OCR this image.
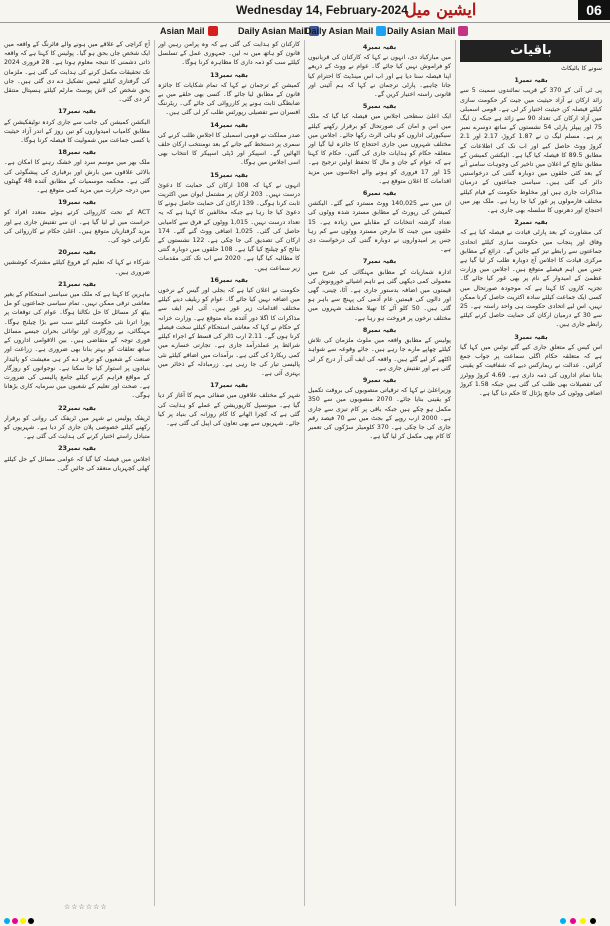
Wednesday 14, February-2024
ایشین میل	06
Asian Mail	Daily Asian Mail
Daily Asian Mail Daily Asian Mail
باقیات

آج کراچی کے علاقے میں ہونے والے فائرنگ کے واقعہ میں ایک شخص جاں بحق ہو گیا۔ پولیس کا کہنا ہے کہ واقعہ ذاتی دشمنی کا نتیجہ معلوم ہوتا ہے۔ 28 فروری 2024 تک تحقیقات مکمل کرنے کی ہدایت کی گئی ہے۔ ملزمان کی گرفتاری کیلئے ٹیمیں تشکیل دے دی گئی ہیں۔ جاں بحق شخص کی لاش پوسٹ مارٹم کیلئے ہسپتال منتقل کر دی گئی۔

بقیہ نمبر17

الیکشن کمیشن کی جانب سے جاری کردہ نوٹیفکیشن کے مطابق کامیاب امیدواروں کو تین روز کے اندر آزاد حیثیت یا کسی جماعت میں شمولیت کا فیصلہ کرنا ہوگا۔

بقیہ نمبر18

ملک بھر میں موسم سرد اور خشک رہنے کا امکان ہے۔ بالائی علاقوں میں بارش اور برفباری کی پیشگوئی کی گئی ہے۔ محکمہ موسمیات کے مطابق آئندہ 48 گھنٹوں میں درجہ حرارت میں مزید کمی متوقع ہے۔

بقیہ نمبر19

ACT کے تحت کارروائی کرتے ہوئے متعدد افراد کو حراست میں لے لیا گیا ہے۔ ان سے تفتیش جاری ہے اور مزید گرفتاریاں متوقع ہیں۔ اعلیٰ حکام نے کارروائی کی نگرانی خود کی۔

بقیہ نمبر20

شرکاء نے کہا کہ تعلیم کے فروغ کیلئے مشترکہ کوششیں ضروری ہیں۔

بقیہ نمبر21

ماہرین کا کہنا ہے کہ ملک میں سیاسی استحکام کے بغیر معاشی ترقی ممکن نہیں۔ تمام سیاسی جماعتوں کو مل بیٹھ کر مسائل کا حل نکالنا ہوگا۔ عوام کی توقعات پر پورا اترنا نئی حکومت کیلئے سب سے بڑا چیلنج ہوگا۔ مہنگائی، بے روزگاری اور توانائی بحران جیسے مسائل فوری توجہ کے متقاضی ہیں۔ بین الاقوامی اداروں کے ساتھ تعلقات کو بہتر بنانا بھی ضروری ہے۔ زراعت اور صنعت کے شعبوں کو ترقی دے کر ہی معیشت کو پائیدار بنیادوں پر استوار کیا جا سکتا ہے۔ نوجوانوں کو روزگار کے مواقع فراہم کرنے کیلئے جامع پالیسی کی ضرورت ہے۔ صحت اور تعلیم کے شعبوں میں سرمایہ کاری بڑھانا ہوگی۔

بقیہ نمبر22

ٹریفک پولیس نے شہر میں ٹریفک کی روانی کو برقرار رکھنے کیلئے خصوصی پلان جاری کر دیا ہے۔ شہریوں کو متبادل راستے اختیار کرنے کی ہدایت کی گئی ہے۔

بقیہ نمبر23

اجلاس میں فیصلہ کیا گیا کہ عوامی مسائل کے حل کیلئے کھلی کچہریاں منعقد کی جائیں گی۔

کارکنان کو ہدایت کی گئی ہے کہ وہ پرامن رہیں اور قانون کو ہاتھ میں نہ لیں۔ جمہوری عمل کے تسلسل کیلئے سب کو ذمہ داری کا مظاہرہ کرنا ہوگا۔

بقیہ نمبر13

کمیشن کے ترجمان نے کہا کہ تمام شکایات کا جائزہ قانون کے مطابق لیا جائے گا۔ کسی بھی حلقے میں بے ضابطگی ثابت ہونے پر کارروائی کی جائے گی۔ ریٹرننگ افسران سے تفصیلی رپورٹس طلب کر لی گئی ہیں۔

بقیہ نمبر14

صدر مملکت نے قومی اسمبلی کا اجلاس طلب کرنے کی سمری پر دستخط کیے جانے کے بعد نومنتخب ارکان حلف اٹھائیں گے۔ اسپیکر اور ڈپٹی اسپیکر کا انتخاب بھی اسی اجلاس میں ہوگا۔

بقیہ نمبر15

انہوں نے کہا کہ 108 ارکان کی حمایت کا دعویٰ درست نہیں۔ 203 ارکان پر مشتمل ایوان میں اکثریت ثابت کرنا ہوگی۔ 139 ارکان کی حمایت حاصل ہونے کا دعویٰ کیا جا رہا ہے جبکہ مخالفین کا کہنا ہے کہ یہ تعداد درست نہیں۔ 1,015 ووٹوں کے فرق سے کامیابی حاصل کی گئی۔ 1,025 اضافی ووٹ گنے گئے۔ 174 ارکان کی تصدیق کی جا چکی ہے۔ 122 نشستوں کے نتائج کو چیلنج کیا گیا ہے۔ 108 حلقوں میں دوبارہ گنتی کا مطالبہ کیا گیا ہے۔ 2020 سے اب تک کئی مقدمات زیر سماعت ہیں۔

بقیہ نمبر16

حکومت نے اعلان کیا ہے کہ بجلی اور گیس کے نرخوں میں اضافہ نہیں کیا جائے گا۔ عوام کو ریلیف دینے کیلئے مختلف اقدامات زیر غور ہیں۔ آئی ایم ایف سے مذاکرات کا اگلا دور آئندہ ماہ متوقع ہے۔ وزارت خزانہ کے حکام نے کہا کہ معاشی استحکام کیلئے سخت فیصلے کرنا ہوں گے۔ 2.11 ارب ڈالر کی قسط کے اجراء کیلئے شرائط پر عملدرآمد جاری ہے۔ تجارتی خسارے میں کمی ریکارڈ کی گئی ہے۔ برآمدات میں اضافے کیلئے نئی پالیسی تیار کی جا رہی ہے۔ زرمبادلہ کے ذخائر میں بہتری آئی ہے۔

بقیہ نمبر17

شہر کے مختلف علاقوں میں صفائی مہم کا آغاز کر دیا گیا ہے۔ میونسپل کارپوریشن کے عملے کو ہدایت کی گئی ہے کہ کچرا اٹھانے کا کام روزانہ کی بنیاد پر کیا جائے۔ شہریوں سے بھی تعاون کی اپیل کی گئی ہے۔

بقیہ نمبر4

میں مبارکباد دی، انہوں نے کہا کہ کارکنان کی قربانیوں کو فراموش نہیں کیا جائے گا۔ عوام نے ووٹ کے ذریعے اپنا فیصلہ سنا دیا ہے اور اب اس مینڈیٹ کا احترام کیا جانا چاہیے۔ پارٹی ترجمان نے کہا کہ ہم آئینی اور قانونی راستہ اختیار کریں گے۔

بقیہ نمبر5

ایک اعلیٰ سطحی اجلاس میں فیصلہ کیا گیا کہ ملک میں امن و امان کی صورتحال کو برقرار رکھنے کیلئے سیکیورٹی اداروں کو ہائی الرٹ رکھا جائے۔ اجلاس میں مختلف شہروں میں جاری احتجاج کا جائزہ لیا گیا اور متعلقہ حکام کو ہدایات جاری کی گئیں۔ حکام کا کہنا ہے کہ عوام کے جان و مال کا تحفظ اولین ترجیح ہے۔ 15 اور 17 فروری کو ہونے والے اجلاسوں میں مزید اقدامات کا اعلان متوقع ہے۔

بقیہ نمبر6

ان میں سے 140,025 ووٹ مسترد کیے گئے۔ الیکشن کمیشن کی رپورٹ کے مطابق مسترد شدہ ووٹوں کی تعداد گزشتہ انتخابات کے مقابلے میں زیادہ ہے۔ 15 حلقوں میں جیت کا مارجن مسترد ووٹوں سے کم رہا جس پر امیدواروں نے دوبارہ گنتی کی درخواست دی ہے۔

بقیہ نمبر7

ادارہ شماریات کے مطابق مہنگائی کی شرح میں معمولی کمی دیکھی گئی ہے تاہم اشیائے خورونوش کی قیمتوں میں اضافہ بدستور جاری ہے۔ آٹا، چینی، گھی اور دالوں کی قیمتیں عام آدمی کی پہنچ سے باہر ہو گئی ہیں۔ 50 کلو آٹے کا تھیلا مختلف شہروں میں مختلف نرخوں پر فروخت ہو رہا ہے۔

بقیہ نمبر8

پولیس کے مطابق واقعہ میں ملوث ملزمان کی تلاش کیلئے چھاپے مارے جا رہے ہیں۔ جائے وقوعہ سے شواہد اکٹھے کر لیے گئے ہیں۔ واقعہ کی ایف آئی آر درج کر لی گئی ہے اور تفتیش جاری ہے۔

بقیہ نمبر9

وزیراعلیٰ نے کہا کہ ترقیاتی منصوبوں کی بروقت تکمیل کو یقینی بنایا جائے۔ 2070 منصوبوں میں سے 350 مکمل ہو چکے ہیں جبکہ باقی پر کام تیزی سے جاری ہے۔ 2000 ارب روپے کے بجٹ میں سے 70 فیصد رقم جاری کی جا چکی ہے۔ 370 کلومیٹر سڑکوں کی تعمیر کا کام بھی مکمل کر لیا گیا ہے۔

سونے کا بائیکاٹ

بقیہ نمبر1

پی ٹی آئی کے 370 کے قریب نمائندوں سمیت 5 سے زائد ارکان نے آزاد حیثیت میں جیت کر حکومت سازی کیلئے فیصلہ کن حیثیت اختیار کر لی ہے۔ قومی اسمبلی میں آزاد ارکان کی تعداد 90 سے زائد ہے جبکہ ن لیگ 75 اور پیپلز پارٹی 54 نشستوں کے ساتھ دوسرے نمبر پر ہے۔ مسلم لیگ ن نے 1.87 کروڑ، 2.17 اور 2.1 کروڑ ووٹ حاصل کیے اور اب تک کی اطلاعات کے مطابق 89.5 کا فیصلہ کیا گیا ہے۔ الیکشن کمیشن کے مطابق نتائج کے اعلان میں تاخیر کی وجوہات سامنے آنے کے بعد کئی حلقوں میں دوبارہ گنتی کی درخواستیں دائر کی گئی ہیں۔ سیاسی جماعتوں کے درمیان مذاکرات جاری ہیں اور مخلوط حکومت کے قیام کیلئے مختلف فارمولوں پر غور کیا جا رہا ہے۔ ملک بھر میں احتجاج اور دھرنوں کا سلسلہ بھی جاری ہے۔

بقیہ نمبر2

کی مشاورت کے بعد پارٹی قیادت نے فیصلہ کیا ہے کہ وفاق اور پنجاب میں حکومت سازی کیلئے اتحادی جماعتوں سے رابطے تیز کیے جائیں گے۔ ذرائع کے مطابق مرکزی قیادت کا اجلاس آج دوبارہ طلب کر لیا گیا ہے جس میں اہم فیصلے متوقع ہیں۔ اجلاس میں وزارت عظمیٰ کے امیدوار کے نام پر بھی غور کیا جائے گا۔ تجزیہ کاروں کا کہنا ہے کہ موجودہ صورتحال میں کسی ایک جماعت کیلئے سادہ اکثریت حاصل کرنا ممکن نہیں، اس لیے اتحادی حکومت ہی واحد راستہ ہے۔ 25 سے 30 کے درمیان ارکان کی حمایت حاصل کرنے کیلئے رابطے جاری ہیں۔

بقیہ نمبر3

اس کیس کے متعلق جاری کیے گئے نوٹس میں کہا گیا ہے کہ متعلقہ حکام اگلی سماعت پر جواب جمع کرائیں۔ عدالت نے ریمارکس دیے کہ شفافیت کو یقینی بنانا تمام اداروں کی ذمہ داری ہے۔ 4.69 کروڑ ووٹرز کی تفصیلات بھی طلب کی گئی ہیں جبکہ 1.58 کروڑ اضافی ووٹوں کی جانچ پڑتال کا حکم دیا گیا ہے۔

☆☆☆☆☆☆
